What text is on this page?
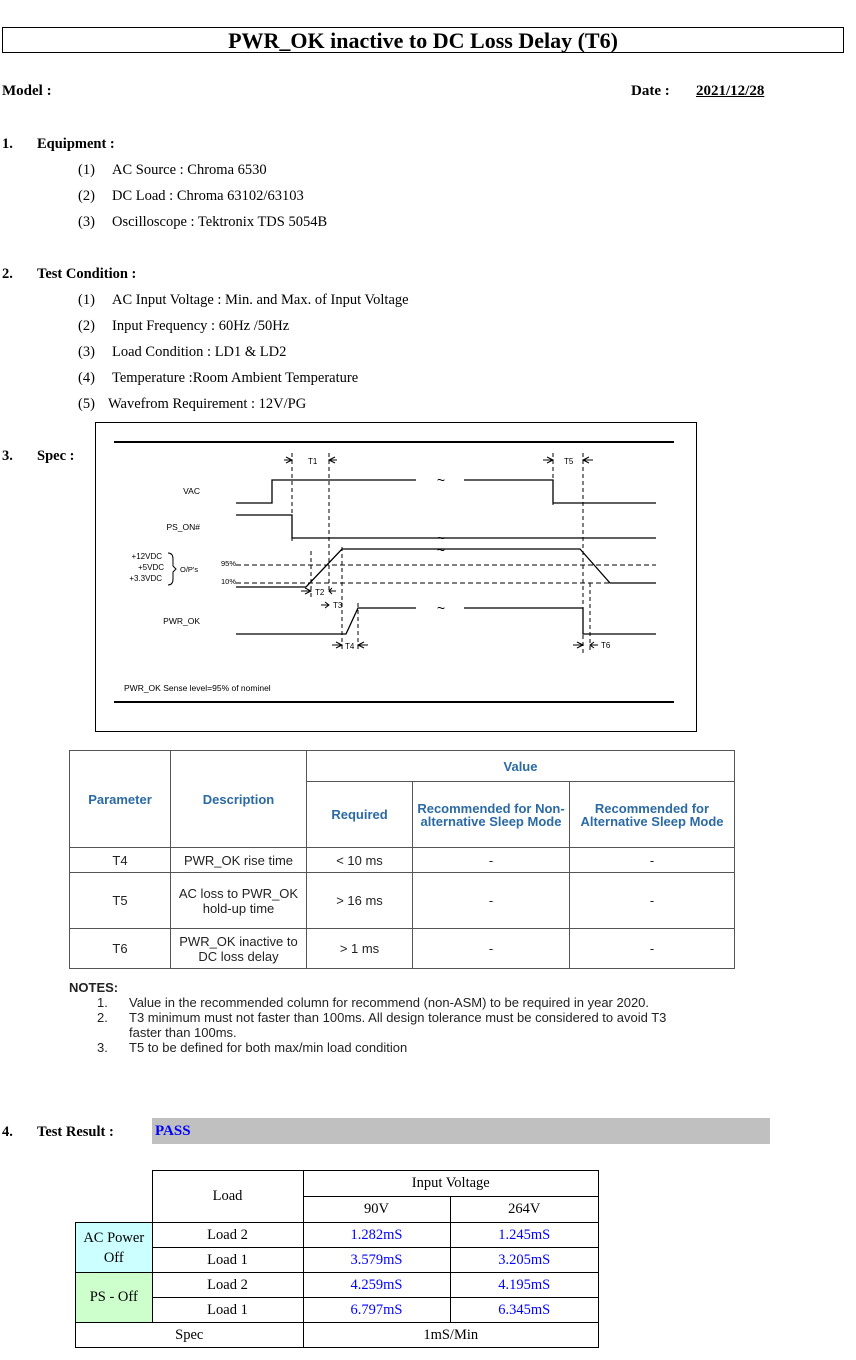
PWR_OK inactive to DC Loss Delay (T6)
Model :	Date : 2021/12/28
1. Equipment :
(1) AC Source : Chroma 6530
(2) DC Load : Chroma 63102/63103
(3) Oscilloscope : Tektronix TDS 5054B
2. Test Condition :
(1) AC Input Voltage : Min. and Max. of Input Voltage
(2) Input Frequency : 60Hz /50Hz
(3) Load Condition : LD1 & LD2
(4) Temperature :Room Ambient Temperature
(5) Wavefrom Requirement : 12V/PG
3. Spec :
~
~
~
~
VAC
PS_ON#
+12VDC
+5VDC
+3.3VDC
O/P's
95%
10%
PWR_OK
T1	T5
T2
T3
T4	T6
PWR_OK Sense level=95% of nominel
Parameter	Description	Value		
		Required	Recommended for Non-alternative Sleep Mode	Recommended for Alternative Sleep Mode
T4	PWR_OK rise time	< 10 ms	-	-
T5	AC loss to PWR_OK hold-up time	> 16 ms	-	-
T6	PWR_OK inactive to DC loss delay	> 1 ms	-	-
NOTES:
1. Value in the recommended column for recommend (non-ASM) to be required in year 2020.
2. T3 minimum must not faster than 100ms. All design tolerance must be considered to avoid T3 faster than 100ms.
3. T5 to be defined for both max/min load condition
4. Test Result :	PASS
	Load	Input Voltage	
		90V	264V
AC Power Off	Load 2	1.282mS	1.245mS
	Load 1	3.579mS	3.205mS
PS - Off	Load 2	4.259mS	4.195mS
	Load 1	6.797mS	6.345mS
Spec		1mS/Min	
